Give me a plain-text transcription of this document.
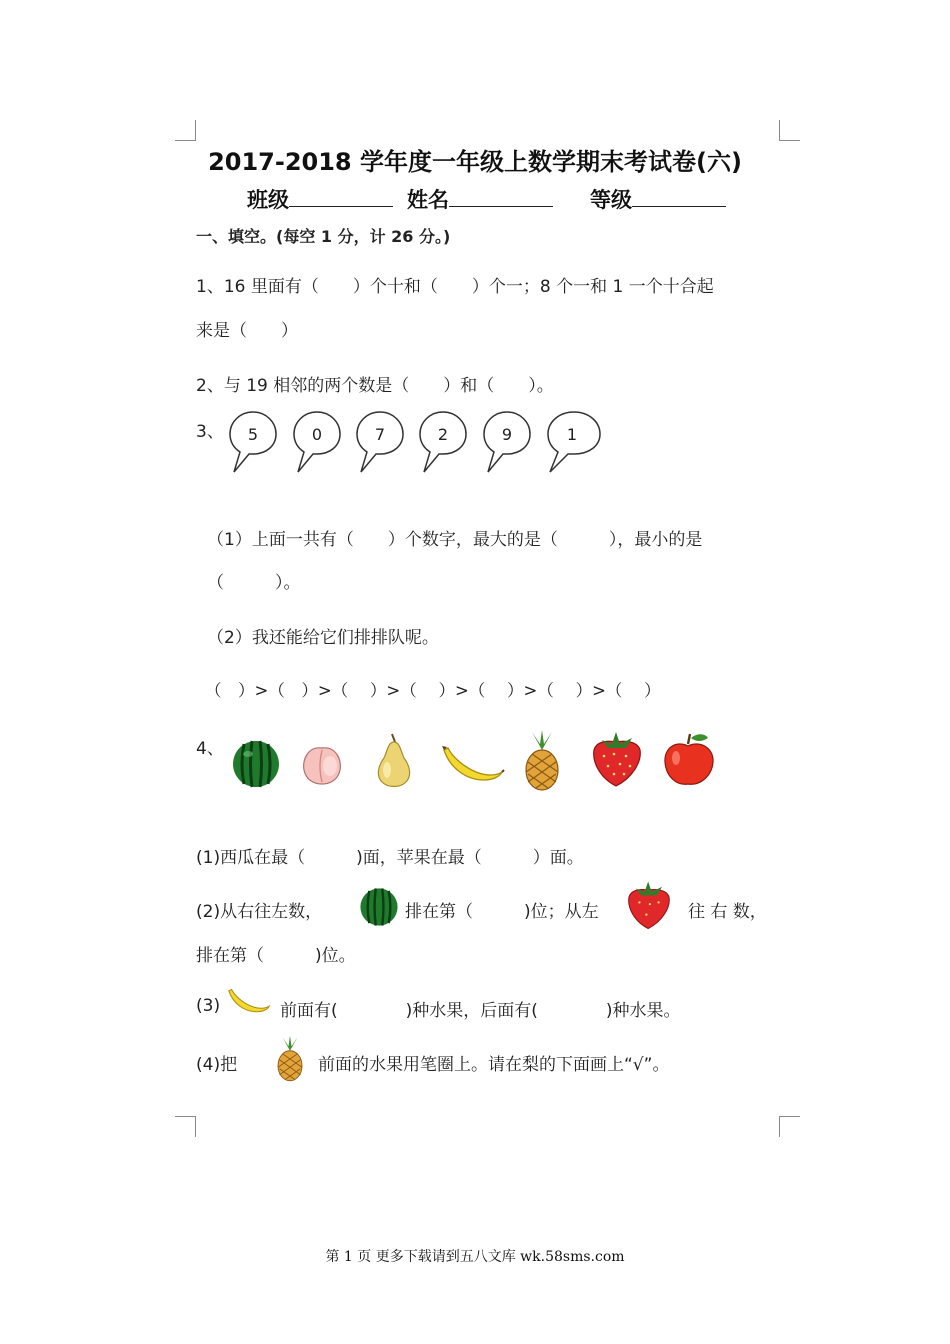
2017-2018 学年度一年级上数学期末考试卷(六)
班级	姓名	等级
一、填空。(每空 1 分，计 26 分。)
1、16 里面有（　　）个十和（　　）个一；8 个一和 1 一个十合起
来是（　　）
2、与 19 相邻的两个数是（　　）和（　　）。
3、 5	0	7	2	9	1
（1）上面一共有（　　）个数字，最大的是（　　　），最小的是
（　　　）。
（2）我还能给它们排排队呢。
（　）>（　）>（　 ）>（　 ）>（　 ）>（　 ）>（　 ）
4、
(1)西瓜在最（　　　)面，苹果在最（　　　）面。
(2)从右往左数，	排在第（　　　)位；从左	往 右 数，
排在第（　　　)位。
(3)	前面有(　　　　)种水果，后面有(　　　　)种水果。
(4)把	前面的水果用笔圈上。请在梨的下面画上“√”。
第 1 页 更多下载请到五八文库 wk.58sms.com
